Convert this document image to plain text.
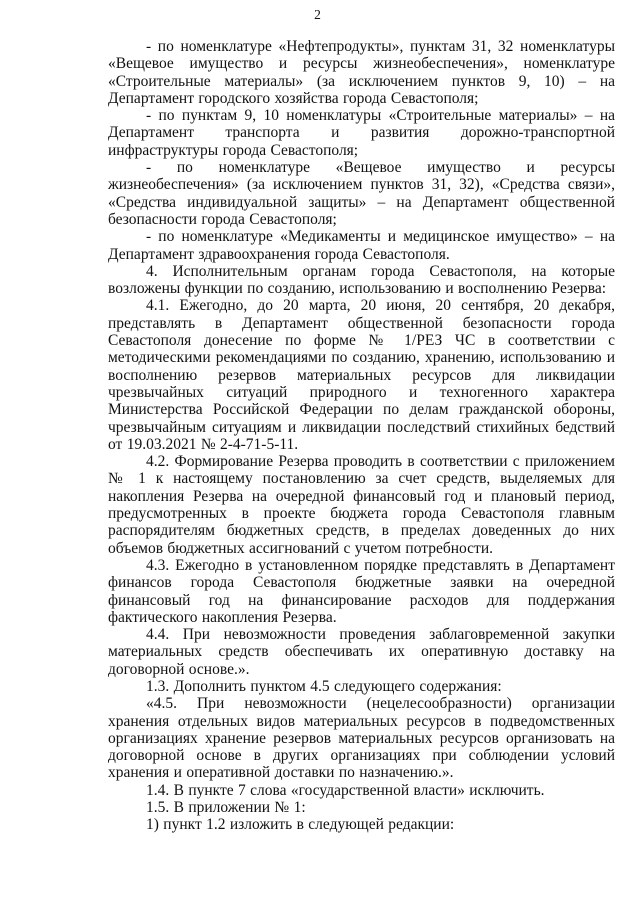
2

- по номенклатуре «Нефтепродукты», пунктам 31, 32 номенклатуры «Вещевое имущество и ресурсы жизнеобеспечения», номенклатуре «Строительные материалы» (за исключением пунктов 9, 10) – на Департамент городского хозяйства города Севастополя;

- по пунктам 9, 10 номенклатуры «Строительные материалы» – на Департамент транспорта и развития дорожно-транспортной инфраструктуры города Севастополя;

- по номенклатуре «Вещевое имущество и ресурсы жизнеобеспечения» (за исключением пунктов 31, 32), «Средства связи», «Средства индивидуальной защиты» – на Департамент общественной безопасности города Севастополя;

- по номенклатуре «Медикаменты и медицинское имущество» – на Департамент здравоохранения города Севастополя.

4. Исполнительным органам города Севастополя, на которые возложены функции по созданию, использованию и восполнению Резерва:

4.1. Ежегодно, до 20 марта, 20 июня, 20 сентября, 20 декабря, представлять в Департамент общественной безопасности города Севастополя донесение по форме № 1/РЕЗ ЧС в соответствии с методическими рекомендациями по созданию, хранению, использованию и восполнению резервов материальных ресурсов для ликвидации чрезвычайных ситуаций природного и техногенного характера Министерства Российской Федерации по делам гражданской обороны, чрезвычайным ситуациям и ликвидации последствий стихийных бедствий от 19.03.2021 № 2-4-71-5-11.

4.2. Формирование Резерва проводить в соответствии с приложением № 1 к настоящему постановлению за счет средств, выделяемых для накопления Резерва на очередной финансовый год и плановый период, предусмотренных в проекте бюджета города Севастополя главным распорядителям бюджетных средств, в пределах доведенных до них объемов бюджетных ассигнований с учетом потребности.

4.3. Ежегодно в установленном порядке представлять в Департамент финансов города Севастополя бюджетные заявки на очередной финансовый год на финансирование расходов для поддержания фактического накопления Резерва.

4.4. При невозможности проведения заблаговременной закупки материальных средств обеспечивать их оперативную доставку на договорной основе.».

1.3. Дополнить пунктом 4.5 следующего содержания:

«4.5. При невозможности (нецелесообразности) организации хранения отдельных видов материальных ресурсов в подведомственных организациях хранение резервов материальных ресурсов организовать на договорной основе в других организациях при соблюдении условий хранения и оперативной доставки по назначению.».

1.4. В пункте 7 слова «государственной власти» исключить.

1.5. В приложении № 1:

1) пункт 1.2 изложить в следующей редакции:
